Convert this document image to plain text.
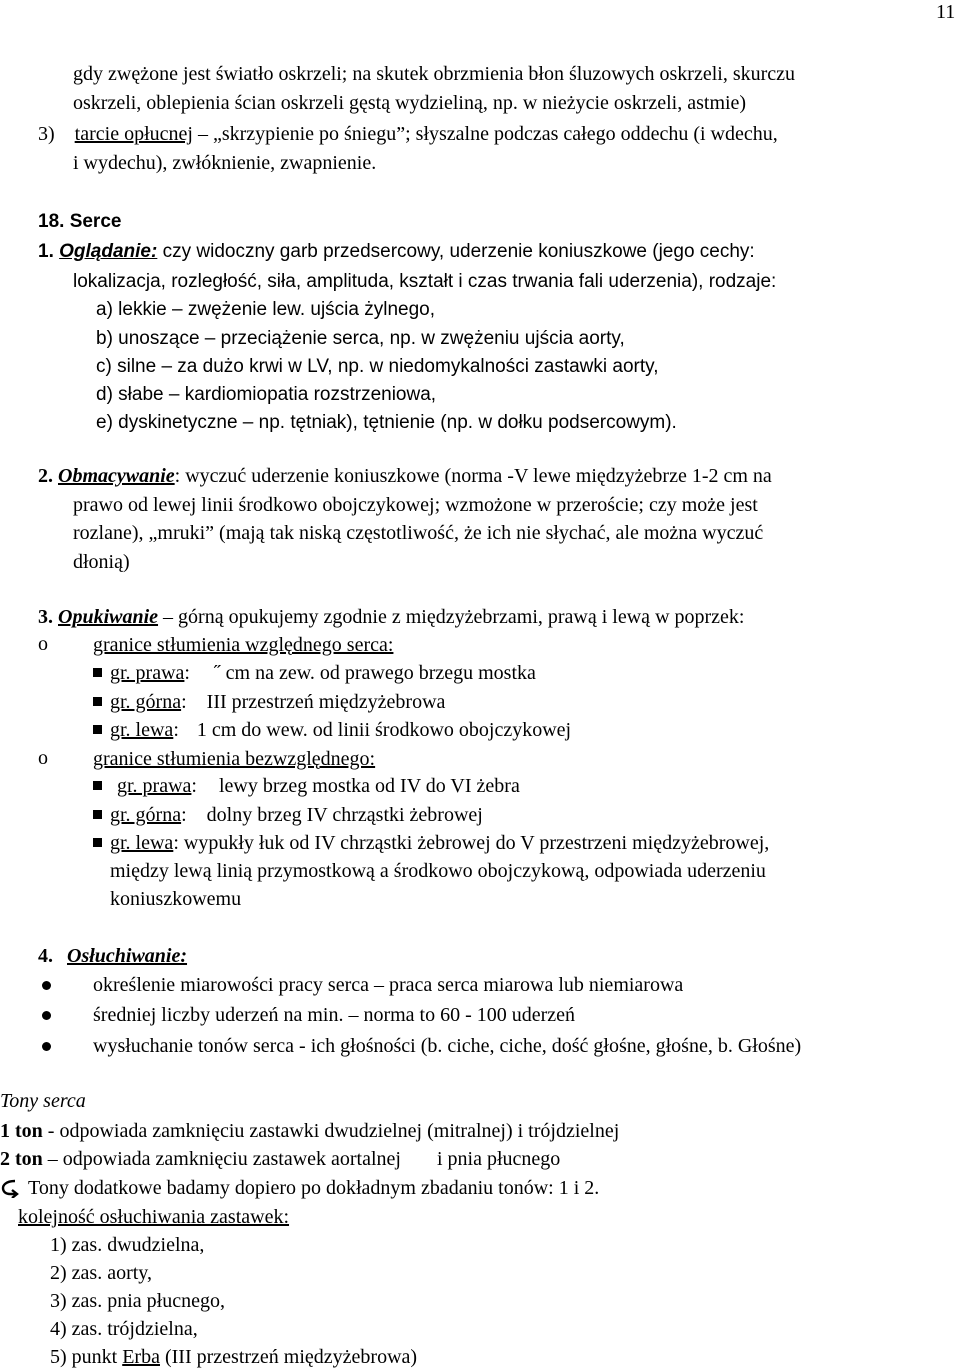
11
gdy zwężone jest światło oskrzeli; na skutek obrzmienia błon śluzowych oskrzeli, skurczu
oskrzeli, oblepienia ścian oskrzeli gęstą wydzieliną, np. w nieżycie oskrzeli, astmie)
3) tarcie opłucnej – „skrzypienie po śniegu”; słyszalne podczas całego oddechu (i wdechu,
i wydechu), zwłóknienie, zwapnienie.
18. Serce
1. Oglądanie: czy widoczny garb przedsercowy, uderzenie koniuszkowe (jego cechy:
lokalizacja, rozległość, siła, amplituda, kształt i czas trwania fali uderzenia), rodzaje:
a) lekkie – zwężenie lew. ujścia żylnego,
b) unoszące – przeciążenie serca, np. w zwężeniu ujścia aorty,
c) silne – za dużo krwi w LV, np. w niedomykalności zastawki aorty,
d) słabe – kardiomiopatia rozstrzeniowa,
e) dyskinetyczne – np. tętniak), tętnienie (np. w dołku podsercowym).
2. Obmacywanie: wyczuć uderzenie koniuszkowe (norma -V lewe międzyżebrze 1-2 cm na
prawo od lewej linii środkowo obojczykowej; wzmożone w przeroście; czy może jest
rozlane), „mruki” (mają tak niską częstotliwość, że ich nie słychać, ale można wyczuć
dłonią)
3. Opukiwanie – górną opukujemy zgodnie z międzyżebrzami, prawą i lewą w poprzek:
o granice stłumienia względnego serca:
gr. prawa: ˝ cm na zew. od prawego brzegu mostka
gr. górna: III przestrzeń międzyżebrowa
gr. lewa: 1 cm do wew. od linii środkowo obojczykowej
o granice stłumienia bezwzględnego:
gr. prawa: lewy brzeg mostka od IV do VI żebra
gr. górna: dolny brzeg IV chrząstki żebrowej
gr. lewa: wypukły łuk od IV chrząstki żebrowej do V przestrzeni międzyżebrowej,
między lewą linią przymostkową a środkowo obojczykową, odpowiada uderzeniu
koniuszkowemu
4. Osłuchiwanie:
określenie miarowości pracy serca – praca serca miarowa lub niemiarowa
średniej liczby uderzeń na min. – norma to 60 - 100 uderzeń
wysłuchanie tonów serca - ich głośności (b. ciche, ciche, dość głośne, głośne, b. Głośne)
Tony serca
1 ton - odpowiada zamknięciu zastawki dwudzielnej (mitralnej) i trójdzielnej
2 ton – odpowiada zamknięciu zastawek aortalnej i pnia płucnego
Tony dodatkowe badamy dopiero po dokładnym zbadaniu tonów: 1 i 2.
kolejność osłuchiwania zastawek:
1) zas. dwudzielna,
2) zas. aorty,
3) zas. pnia płucnego,
4) zas. trójdzielna,
5) punkt Erba (III przestrzeń międzyżebrowa)
